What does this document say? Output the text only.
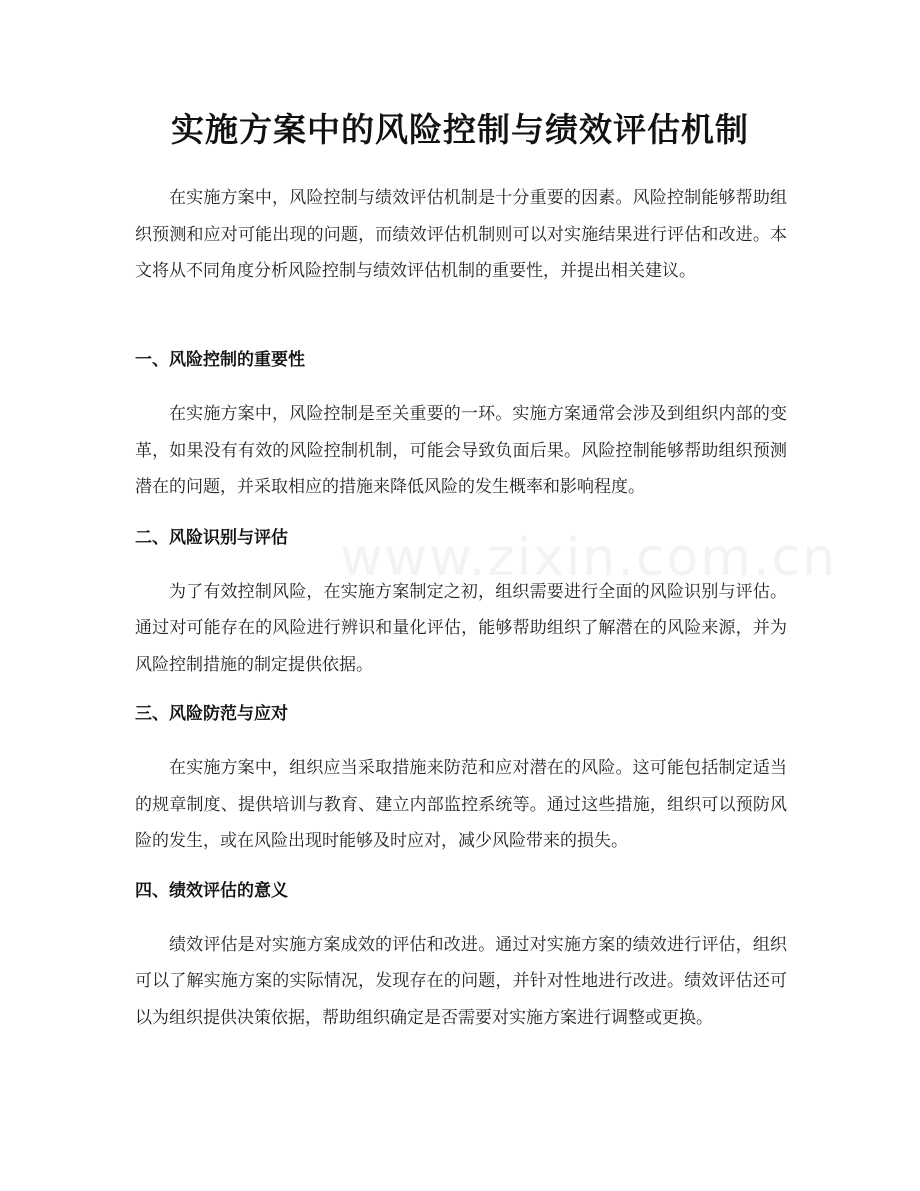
www.zixin.com.cn
实施方案中的风险控制与绩效评估机制

在实施方案中，风险控制与绩效评估机制是十分重要的因素。风险控制能够帮助组织预测和应对可能出现的问题，而绩效评估机制则可以对实施结果进行评估和改进。本文将从不同角度分析风险控制与绩效评估机制的重要性，并提出相关建议。

一、风险控制的重要性

在实施方案中，风险控制是至关重要的一环。实施方案通常会涉及到组织内部的变革，如果没有有效的风险控制机制，可能会导致负面后果。风险控制能够帮助组织预测潜在的问题，并采取相应的措施来降低风险的发生概率和影响程度。

二、风险识别与评估

为了有效控制风险，在实施方案制定之初，组织需要进行全面的风险识别与评估。通过对可能存在的风险进行辨识和量化评估，能够帮助组织了解潜在的风险来源，并为风险控制措施的制定提供依据。

三、风险防范与应对

在实施方案中，组织应当采取措施来防范和应对潜在的风险。这可能包括制定适当的规章制度、提供培训与教育、建立内部监控系统等。通过这些措施，组织可以预防风险的发生，或在风险出现时能够及时应对，减少风险带来的损失。

四、绩效评估的意义

绩效评估是对实施方案成效的评估和改进。通过对实施方案的绩效进行评估，组织可以了解实施方案的实际情况，发现存在的问题，并针对性地进行改进。绩效评估还可以为组织提供决策依据，帮助组织确定是否需要对实施方案进行调整或更换。
